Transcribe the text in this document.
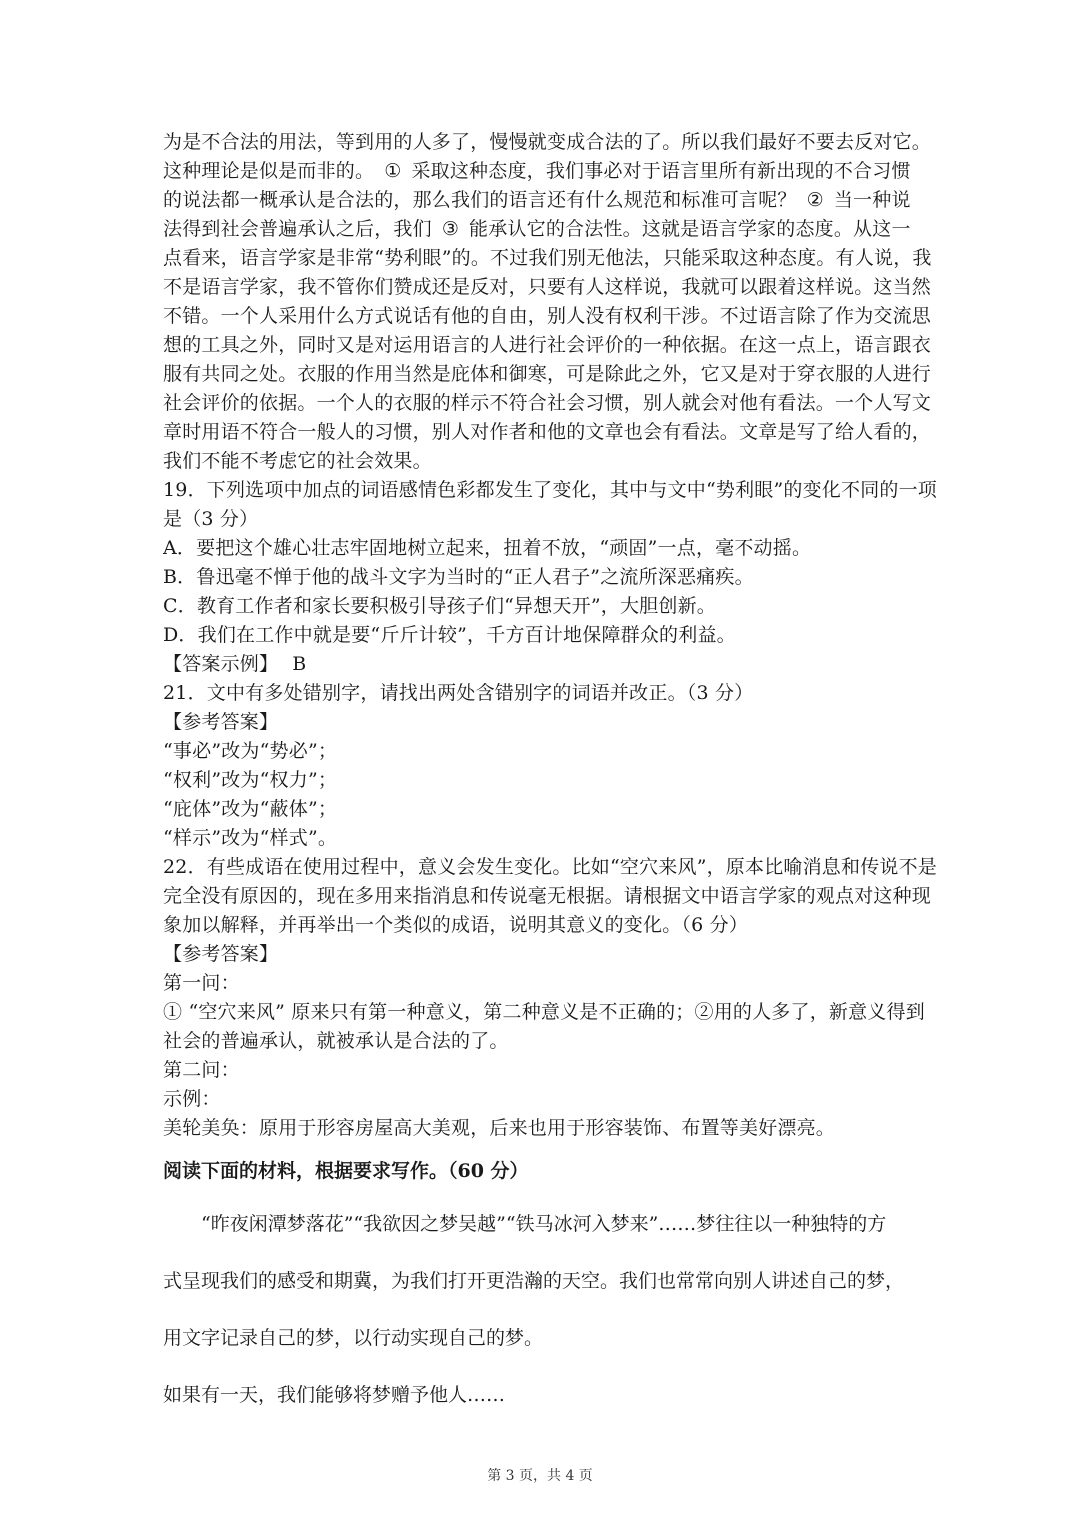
为是不合法的用法，等到用的人多了，慢慢就变成合法的了。所以我们最好不要去反对它。
这种理论是似是而非的。 ① 采取这种态度，我们事必对于语言里所有新出现的不合习惯
的说法都一概承认是合法的，那么我们的语言还有什么规范和标准可言呢？ ② 当一种说
法得到社会普遍承认之后，我们 ③ 能承认它的合法性。这就是语言学家的态度。从这一
点看来，语言学家是非常“势利眼”的。不过我们别无他法，只能采取这种态度。有人说，我
不是语言学家，我不管你们赞成还是反对，只要有人这样说，我就可以跟着这样说。这当然
不错。一个人采用什么方式说话有他的自由，别人没有权利干涉。不过语言除了作为交流思
想的工具之外，同时又是对运用语言的人进行社会评价的一种依据。在这一点上，语言跟衣
服有共同之处。衣服的作用当然是庇体和御寒，可是除此之外，它又是对于穿衣服的人进行
社会评价的依据。一个人的衣服的样示不符合社会习惯，别人就会对他有看法。一个人写文
章时用语不符合一般人的习惯，别人对作者和他的文章也会有看法。文章是写了给人看的，
我们不能不考虑它的社会效果。
19．下列选项中加点的词语感情色彩都发生了变化，其中与文中“势利眼”的变化不同的一项
是（3 分）
A．要把这个雄心壮志牢固地树立起来，扭着不放，“顽固”一点，毫不动摇。
B．鲁迅毫不惮于他的战斗文字为当时的“正人君子”之流所深恶痛疾。
C．教育工作者和家长要积极引导孩子们“异想天开”，大胆创新。
D．我们在工作中就是要“斤斤计较”，千方百计地保障群众的利益。
【答案示例】 B
21．文中有多处错别字，请找出两处含错别字的词语并改正。（3 分）
【参考答案】
“事必”改为“势必”；
“权利”改为“权力”；
“庇体”改为“蔽体”；
“样示”改为“样式”。
22．有些成语在使用过程中，意义会发生变化。比如“空穴来风”，原本比喻消息和传说不是
完全没有原因的，现在多用来指消息和传说毫无根据。请根据文中语言学家的观点对这种现
象加以解释，并再举出一个类似的成语，说明其意义的变化。（6 分）
【参考答案】
第一问：
① “空穴来风” 原来只有第一种意义，第二种意义是不正确的；②用的人多了，新意义得到
社会的普遍承认，就被承认是合法的了。
第二问：
示例：
美轮美奂：原用于形容房屋高大美观，后来也用于形容装饰、布置等美好漂亮。
阅读下面的材料，根据要求写作。（60 分）
“昨夜闲潭梦落花”“我欲因之梦吴越”“铁马冰河入梦来”……梦往往以一种独特的方
式呈现我们的感受和期冀，为我们打开更浩瀚的天空。我们也常常向别人讲述自己的梦，
用文字记录自己的梦，以行动实现自己的梦。
如果有一天，我们能够将梦赠予他人……
第 3 页，共 4 页
